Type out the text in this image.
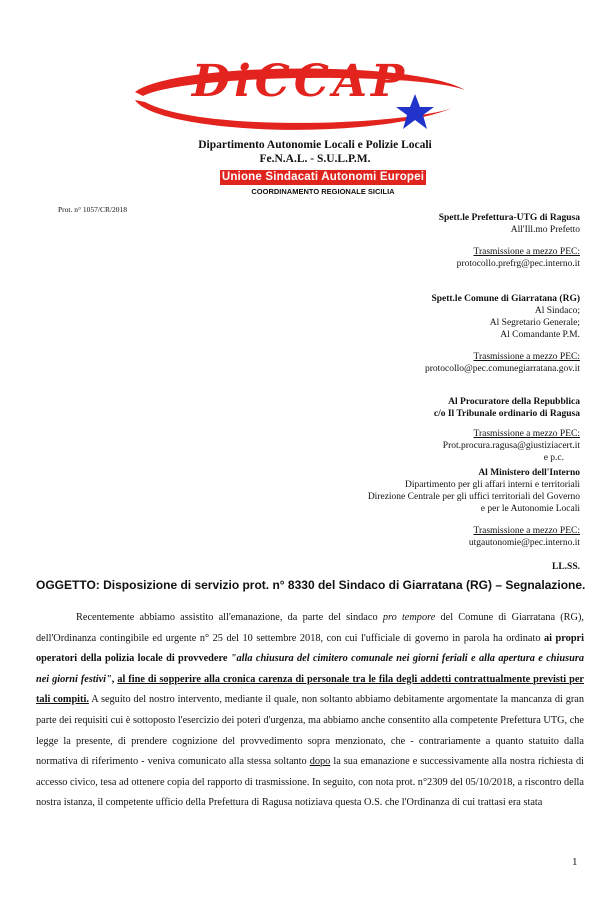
DiCCAP
Dipartimento Autonomie Locali e Polizie Locali
Fe.N.A.L. - S.U.L.P.M.
Unione Sindacati Autonomi Europei
COORDINAMENTO REGIONALE SICILIA
Prot. n° 1057/CR/2018
Spett.le Prefettura-UTG di Ragusa
All'Ill.mo Prefetto
Trasmissione a mezzo PEC:
protocollo.prefrg@pec.interno.it
Spett.le Comune di Giarratana (RG)
Al Sindaco;
Al Segretario Generale;
Al Comandante P.M.
Trasmissione a mezzo PEC:
protocollo@pec.comunegiarratana.gov.it
Al Procuratore della Repubblica
c/o Il Tribunale ordinario di Ragusa
Trasmissione a mezzo PEC:
Prot.procura.ragusa@giustiziacert.it
e p.c.
Al Ministero dell'Interno
Dipartimento per gli affari interni e territoriali
Direzione Centrale per gli uffici territoriali del Governo
e per le Autonomie Locali
Trasmissione a mezzo PEC:
utgautonomie@pec.interno.it
LL.SS.
OGGETTO: Disposizione di servizio prot. n° 8330 del Sindaco di Giarratana (RG) – Segnalazione.
Recentemente abbiamo assistito all'emanazione, da parte del sindaco pro tempore del Comune di Giarratana (RG), dell'Ordinanza contingibile ed urgente n° 25 del 10 settembre 2018, con cui l'ufficiale di governo in parola ha ordinato ai propri operatori della polizia locale di provvedere "alla chiusura del cimitero comunale nei giorni feriali e alla apertura e chiusura nei giorni festivi", al fine di sopperire alla cronica carenza di personale tra le fila degli addetti contrattualmente previsti per tali compiti. A seguito del nostro intervento, mediante il quale, non soltanto abbiamo debitamente argomentate la mancanza di gran parte dei requisiti cui è sottoposto l'esercizio dei poteri d'urgenza, ma abbiamo anche consentito alla competente Prefettura UTG, che legge la presente, di prendere cognizione del provvedimento sopra menzionato, che - contrariamente a quanto statuito dalla normativa di riferimento - veniva comunicato alla stessa soltanto dopo la sua emanazione e successivamente alla nostra richiesta di accesso civico, tesa ad ottenere copia del rapporto di trasmissione. In seguito, con nota prot. n°2309 del 05/10/2018, a riscontro della nostra istanza, il competente ufficio della Prefettura di Ragusa notiziava questa O.S. che l'Ordinanza di cui trattasi era stata
1
